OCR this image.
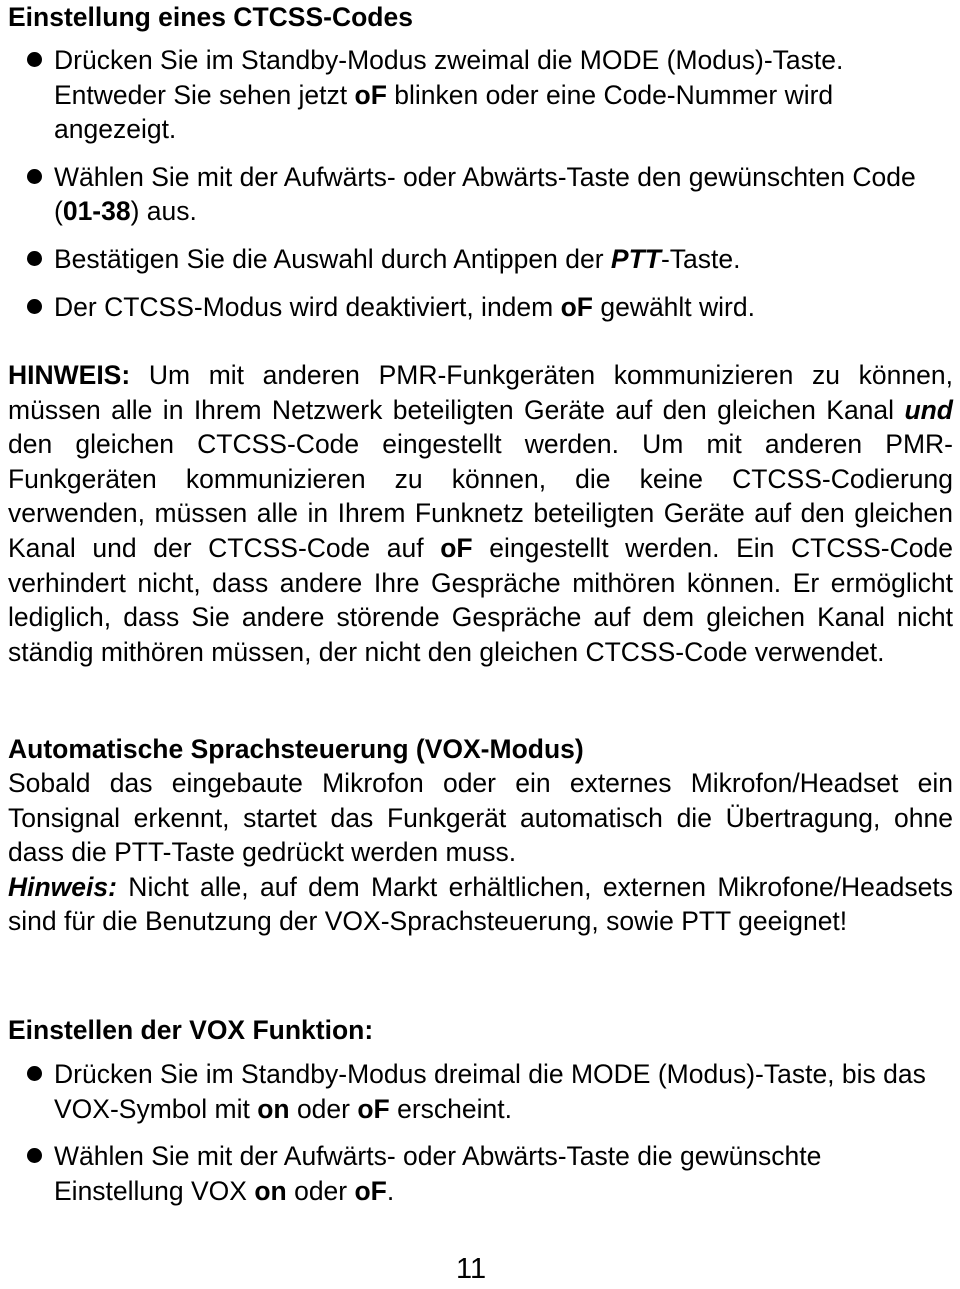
Einstellung eines CTCSS-Codes
Drücken Sie im Standby-Modus zweimal die MODE (Modus)-Taste. Entweder Sie sehen jetzt oF blinken oder eine Code-Nummer wird angezeigt.
Wählen Sie mit der Aufwärts- oder Abwärts-Taste den gewünschten Code (01-38) aus.
Bestätigen Sie die Auswahl durch Antippen der PTT-Taste.
Der CTCSS-Modus wird deaktiviert, indem oF gewählt wird.

HINWEIS: Um mit anderen PMR-Funkgeräten kommunizieren zu können, müssen alle in Ihrem Netzwerk beteiligten Geräte auf den gleichen Kanal und den gleichen CTCSS-Code eingestellt werden. Um mit anderen PMR-Funkgeräten kommunizieren zu können, die keine CTCSS-Codierung verwenden, müssen alle in Ihrem Funknetz beteiligten Geräte auf den gleichen Kanal und der CTCSS-Code auf oF eingestellt werden. Ein CTCSS-Code verhindert nicht, dass andere Ihre Gespräche mithören können. Er ermöglicht lediglich, dass Sie andere störende Gespräche auf dem gleichen Kanal nicht ständig mithören müssen, der nicht den gleichen CTCSS-Code verwendet.

Automatische Sprachsteuerung (VOX-Modus)

Sobald das eingebaute Mikrofon oder ein externes Mikrofon/Headset ein Tonsignal erkennt, startet das Funkgerät automatisch die Übertragung, ohne dass die PTT-Taste gedrückt werden muss.

Hinweis: Nicht alle, auf dem Markt erhältlichen, externen Mikrofone/Headsets sind für die Benutzung der VOX-Sprachsteuerung, sowie PTT geeignet!

Einstellen der VOX Funktion:
Drücken Sie im Standby-Modus dreimal die MODE (Modus)-Taste, bis das VOX-Symbol mit on oder oF erscheint.
Wählen Sie mit der Aufwärts- oder Abwärts-Taste die gewünschte Einstellung VOX on oder oF.
11
